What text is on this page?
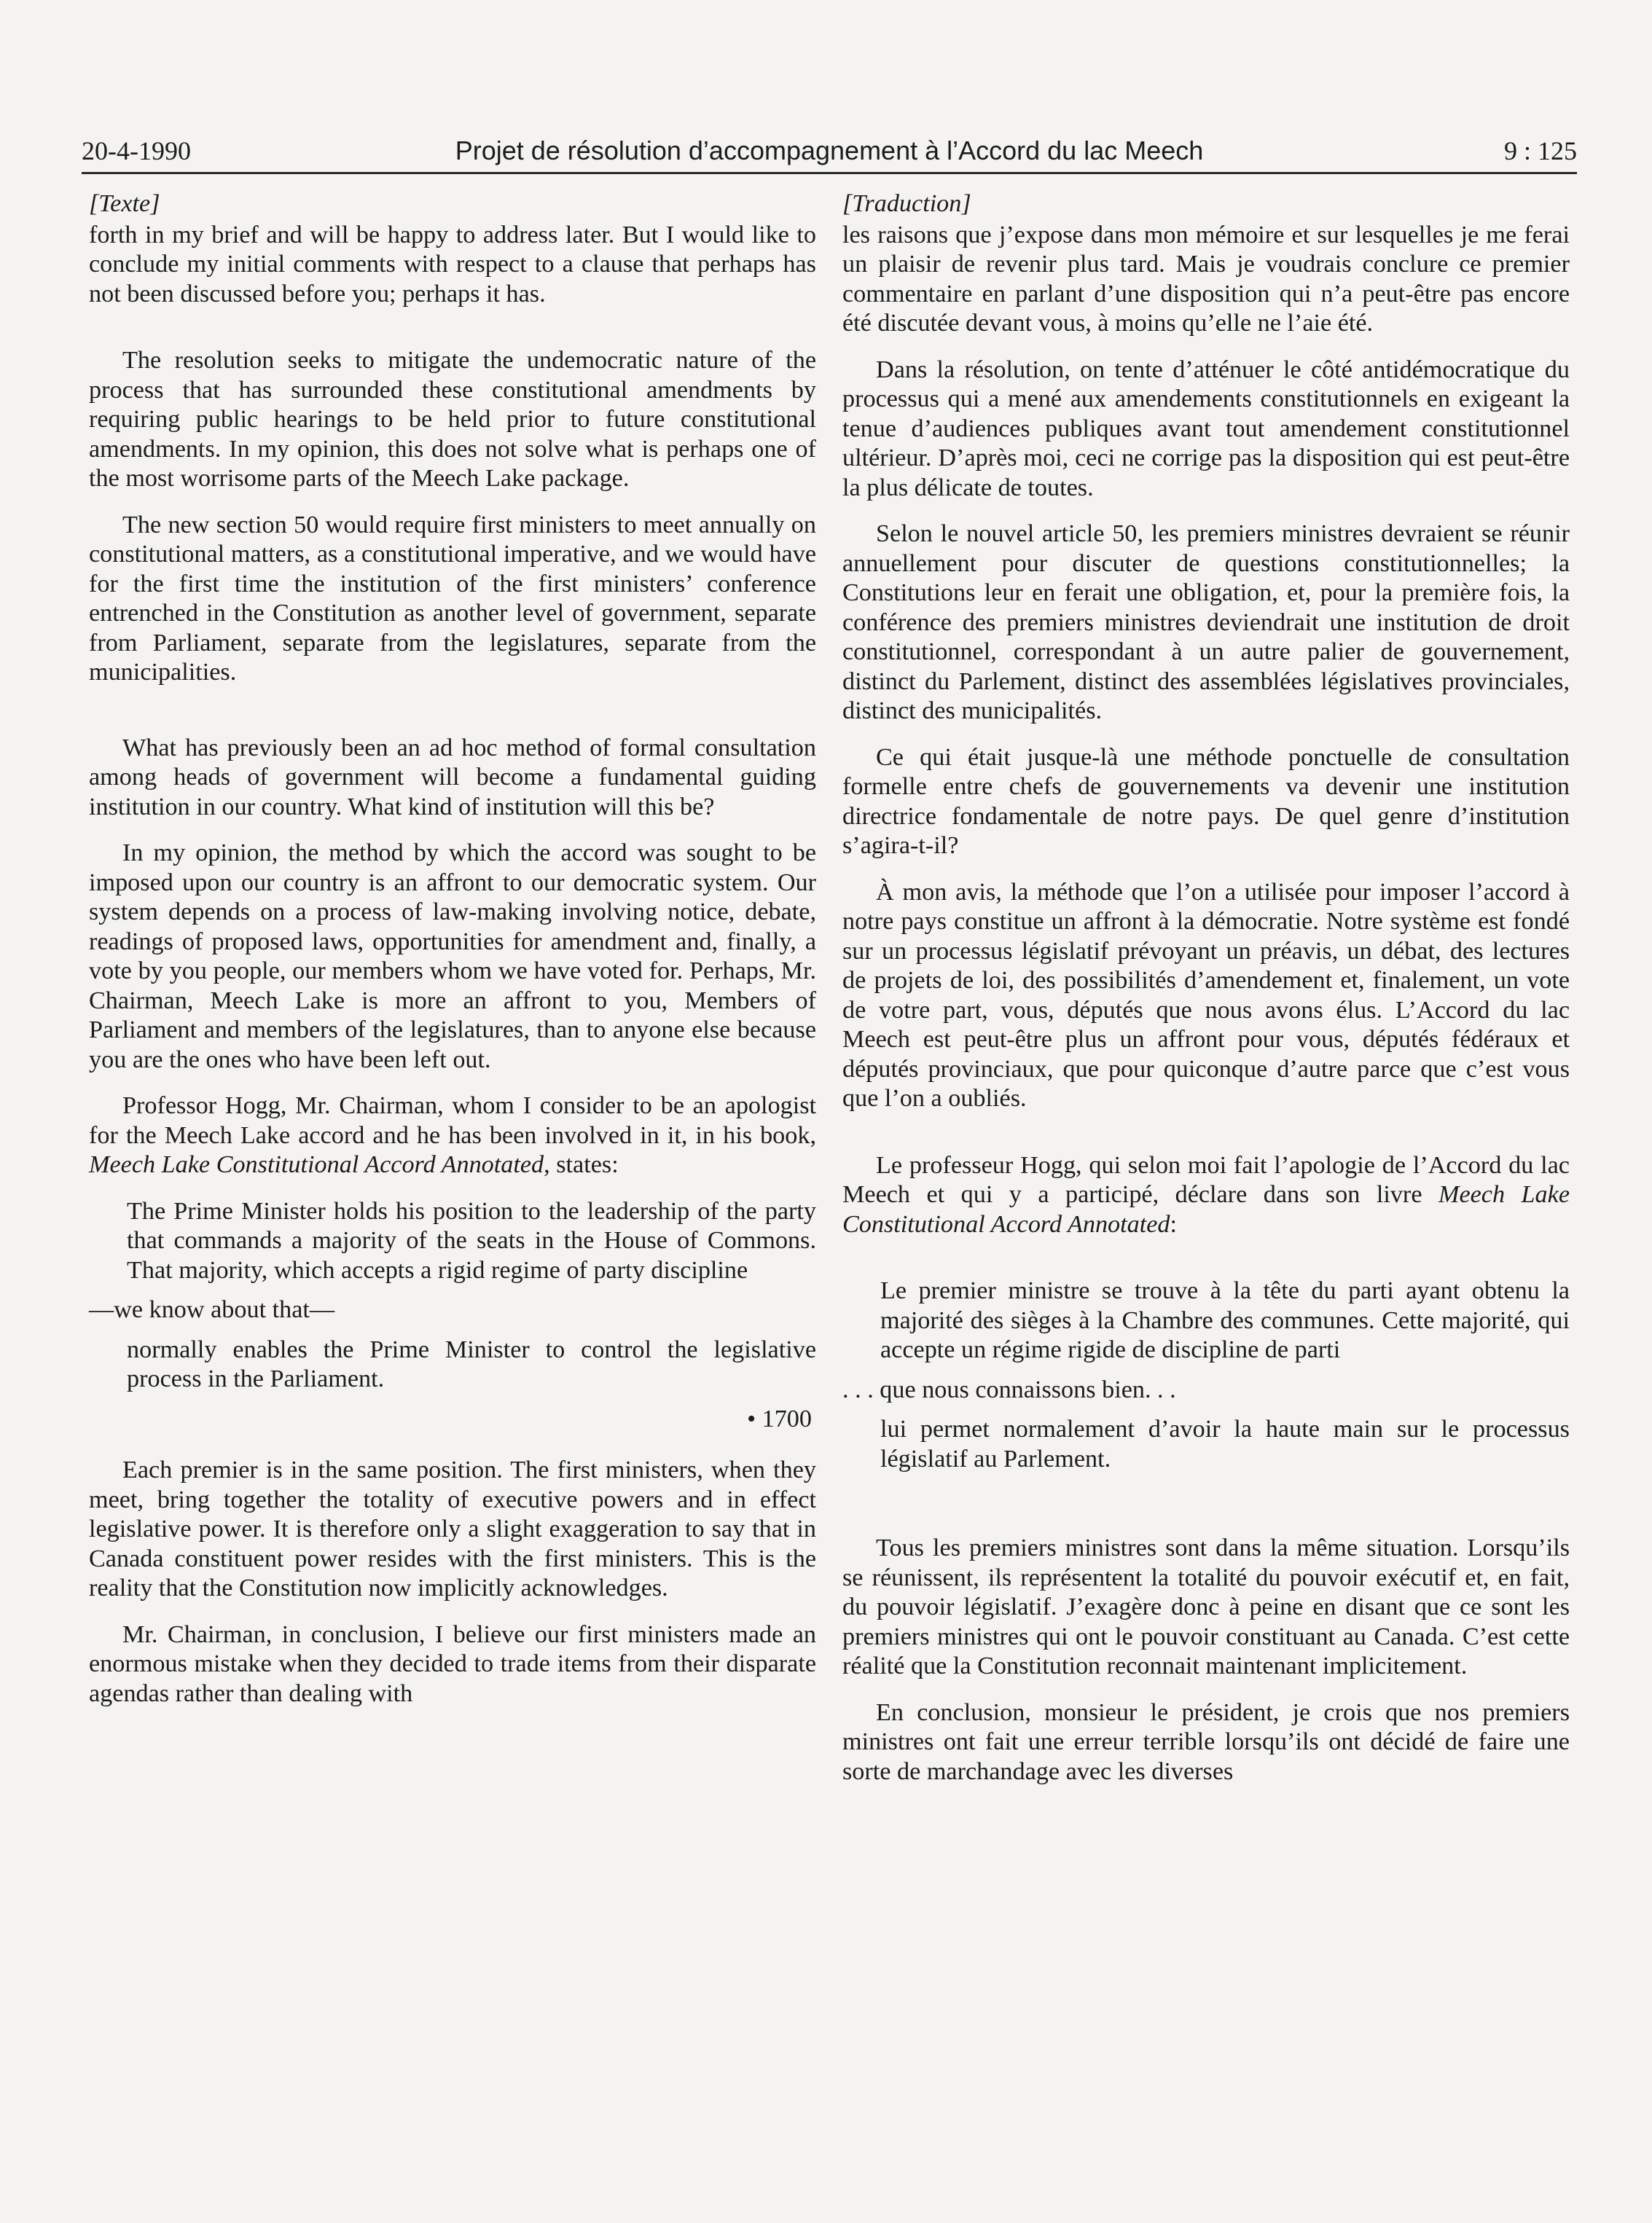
20-4-1990	Projet de résolution d’accompagnement à l’Accord du lac Meech	9 : 125
[Texte]

forth in my brief and will be happy to address later. But I would like to conclude my initial comments with respect to a clause that perhaps has not been discussed before you; perhaps it has.

The resolution seeks to mitigate the undemocratic nature of the process that has surrounded these constitutional amendments by requiring public hearings to be held prior to future constitutional amendments. In my opinion, this does not solve what is perhaps one of the most worrisome parts of the Meech Lake package.

The new section 50 would require first ministers to meet annually on constitutional matters, as a constitutional imperative, and we would have for the first time the institution of the first ministers’ conference entrenched in the Constitution as another level of government, separate from Parliament, separate from the legislatures, separate from the municipalities.

What has previously been an ad hoc method of formal consultation among heads of government will become a fundamental guiding institution in our country. What kind of institution will this be?

In my opinion, the method by which the accord was sought to be imposed upon our country is an affront to our democratic system. Our system depends on a process of law-making involving notice, debate, readings of proposed laws, opportunities for amendment and, finally, a vote by you people, our members whom we have voted for. Perhaps, Mr. Chairman, Meech Lake is more an affront to you, Members of Parliament and members of the legislatures, than to anyone else because you are the ones who have been left out.

Professor Hogg, Mr. Chairman, whom I consider to be an apologist for the Meech Lake accord and he has been involved in it, in his book, Meech Lake Constitutional Accord Annotated, states:

The Prime Minister holds his position to the leadership of the party that commands a majority of the seats in the House of Commons. That majority, which accepts a rigid regime of party discipline

—we know about that—

normally enables the Prime Minister to control the legislative process in the Parliament.

• 1700

Each premier is in the same position. The first ministers, when they meet, bring together the totality of executive powers and in effect legislative power. It is therefore only a slight exaggeration to say that in Canada constituent power resides with the first ministers. This is the reality that the Constitution now implicitly acknowledges.

Mr. Chairman, in conclusion, I believe our first ministers made an enormous mistake when they decided to trade items from their disparate agendas rather than dealing with

[Traduction]

les raisons que j’expose dans mon mémoire et sur lesquelles je me ferai un plaisir de revenir plus tard. Mais je voudrais conclure ce premier commentaire en parlant d’une disposition qui n’a peut-être pas encore été discutée devant vous, à moins qu’elle ne l’aie été.

Dans la résolution, on tente d’atténuer le côté antidémocratique du processus qui a mené aux amendements constitutionnels en exigeant la tenue d’audiences publiques avant tout amendement constitutionnel ultérieur. D’après moi, ceci ne corrige pas la disposition qui est peut-être la plus délicate de toutes.

Selon le nouvel article 50, les premiers ministres devraient se réunir annuellement pour discuter de questions constitutionnelles; la Constitutions leur en ferait une obligation, et, pour la première fois, la conférence des premiers ministres deviendrait une institution de droit constitutionnel, correspondant à un autre palier de gouvernement, distinct du Parlement, distinct des assemblées législatives provinciales, distinct des municipalités.

Ce qui était jusque-là une méthode ponctuelle de consultation formelle entre chefs de gouvernements va devenir une institution directrice fondamentale de notre pays. De quel genre d’institution s’agira-t-il?

À mon avis, la méthode que l’on a utilisée pour imposer l’accord à notre pays constitue un affront à la démocratie. Notre système est fondé sur un processus législatif prévoyant un préavis, un débat, des lectures de projets de loi, des possibilités d’amendement et, finalement, un vote de votre part, vous, députés que nous avons élus. L’Accord du lac Meech est peut-être plus un affront pour vous, députés fédéraux et députés provinciaux, que pour quiconque d’autre parce que c’est vous que l’on a oubliés.

Le professeur Hogg, qui selon moi fait l’apologie de l’Accord du lac Meech et qui y a participé, déclare dans son livre Meech Lake Constitutional Accord Annotated:

Le premier ministre se trouve à la tête du parti ayant obtenu la majorité des sièges à la Chambre des communes. Cette majorité, qui accepte un régime rigide de discipline de parti

. . . que nous connaissons bien. . .

lui permet normalement d’avoir la haute main sur le processus législatif au Parlement.

Tous les premiers ministres sont dans la même situation. Lorsqu’ils se réunissent, ils représentent la totalité du pouvoir exécutif et, en fait, du pouvoir législatif. J’exagère donc à peine en disant que ce sont les premiers ministres qui ont le pouvoir constituant au Canada. C’est cette réalité que la Constitution reconnait maintenant implicitement.

En conclusion, monsieur le président, je crois que nos premiers ministres ont fait une erreur terrible lorsqu’ils ont décidé de faire une sorte de marchandage avec les diverses
